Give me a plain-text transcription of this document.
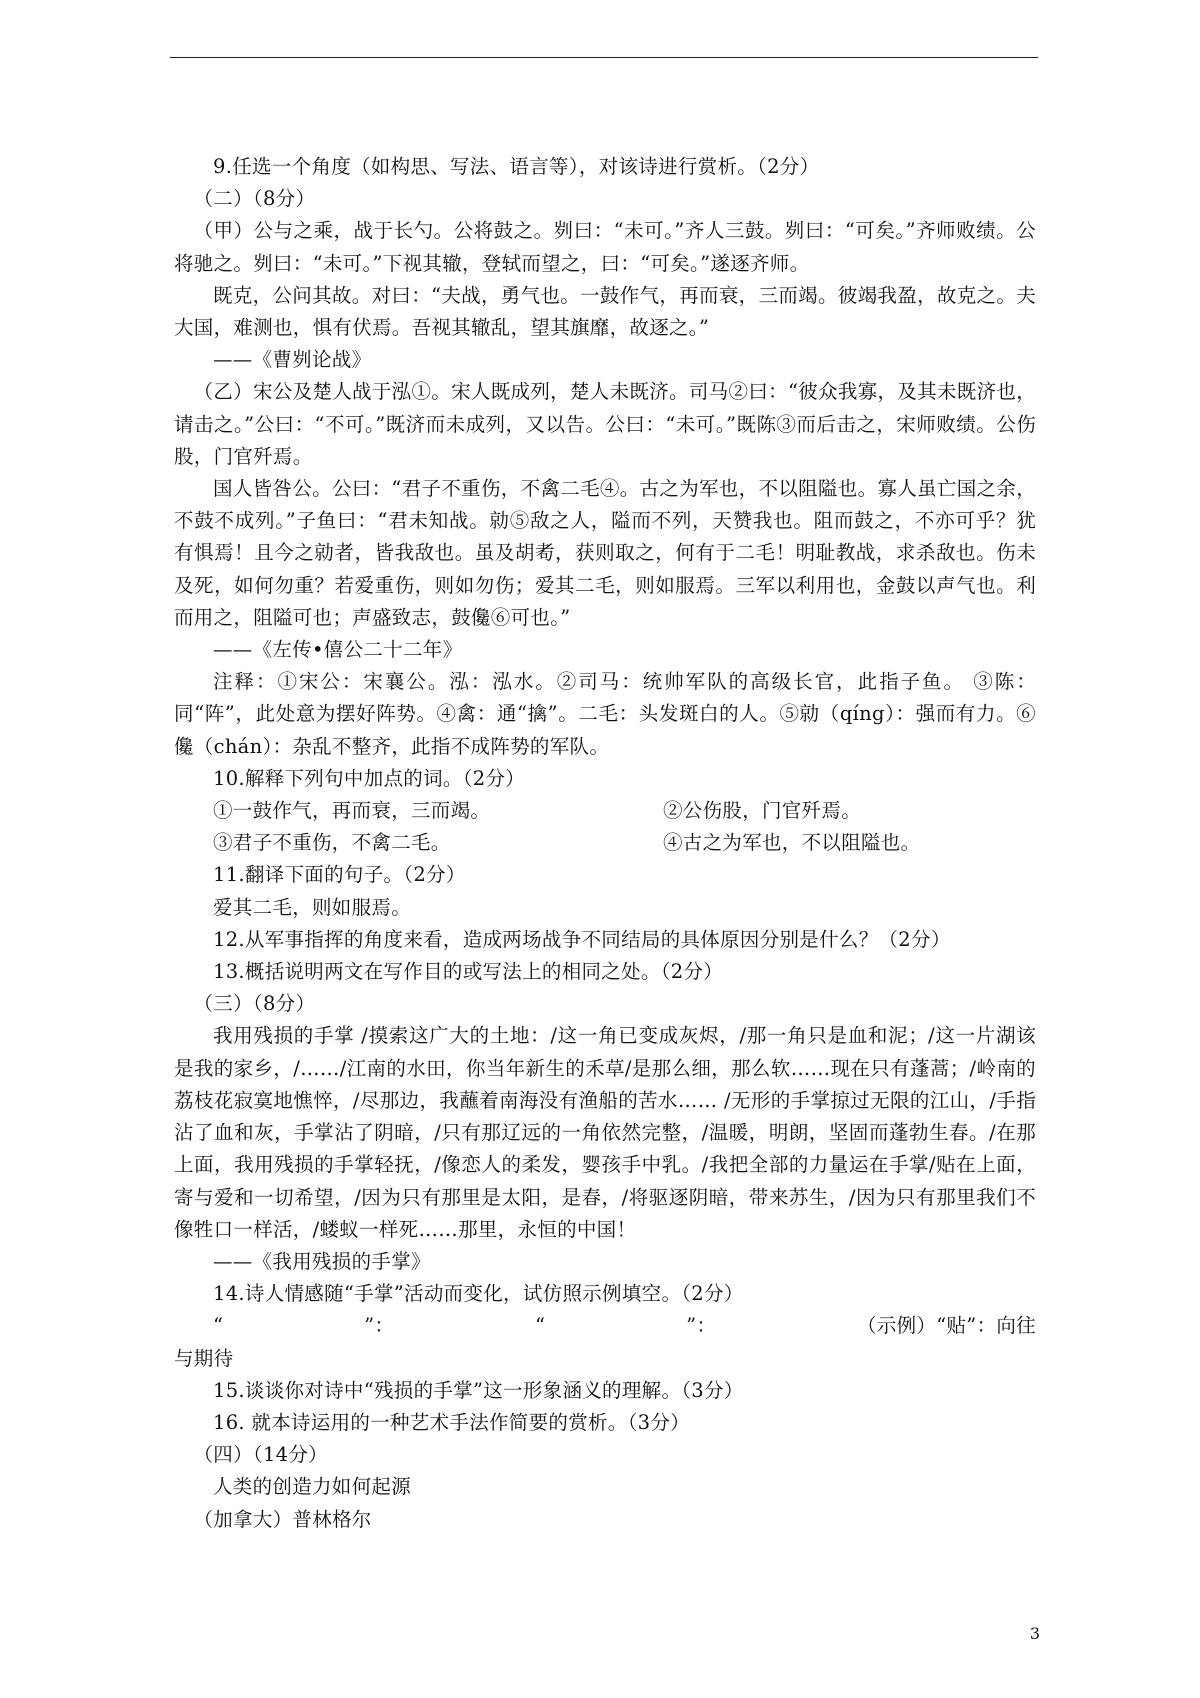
9.任选一个角度（如构思、写法、语言等），对该诗进行赏析。（2分）

（二）（8分）

（甲）公与之乘，战于长勺。公将鼓之。刿曰：“未可。”齐人三鼓。刿曰：“可矣。”齐师败绩。公将驰之。刿曰：“未可。”下视其辙，登轼而望之，曰：“可矣。”遂逐齐师。

既克，公问其故。对曰：“夫战，勇气也。一鼓作气，再而衰，三而竭。彼竭我盈，故克之。夫大国，难测也，惧有伏焉。吾视其辙乱，望其旗靡，故逐之。”

——《曹刿论战》

（乙）宋公及楚人战于泓①。宋人既成列，楚人未既济。司马②曰：“彼众我寡，及其未既济也，请击之。”公曰：“不可。”既济而未成列，又以告。公曰：“未可。”既陈③而后击之，宋师败绩。公伤股，门官歼焉。

国人皆咎公。公曰：“君子不重伤，不禽二毛④。古之为军也，不以阻隘也。寡人虽亡国之余，不鼓不成列。”子鱼曰：“君未知战。勍⑤敌之人，隘而不列，天赞我也。阻而鼓之，不亦可乎？犹有惧焉！且今之勍者，皆我敌也。虽及胡耇，获则取之，何有于二毛！明耻教战，求杀敌也。伤未及死，如何勿重？若爱重伤，则如勿伤；爱其二毛，则如服焉。三军以利用也，金鼓以声气也。利而用之，阻隘可也；声盛致志，鼓儳⑥可也。”

——《左传•僖公二十二年》

注释：①宋公：宋襄公。泓：泓水。②司马：统帅军队的高级长官，此指子鱼。 ③陈：同“阵”，此处意为摆好阵势。④禽：通“擒”。二毛：头发斑白的人。⑤勍（qíng）：强而有力。⑥儳（chán）：杂乱不整齐，此指不成阵势的军队。

10.解释下列句中加点的词。（2分）

①一鼓作气，再而衰，三而竭。	②公伤股，门官歼焉。
③君子不重伤，不禽二毛。	④古之为军也，不以阻隘也。

11.翻译下面的句子。（2分）

爱其二毛，则如服焉。

12.从军事指挥的角度来看，造成两场战争不同结局的具体原因分别是什么？（2分）

13.概括说明两文在写作目的或写法上的相同之处。（2分）

（三）（8分）

我用残损的手掌 /摸索这广大的土地：/这一角已变成灰烬，/那一角只是血和泥；/这一片湖该是我的家乡，/……/江南的水田，你当年新生的禾草/是那么细，那么软……现在只有蓬蒿；/岭南的荔枝花寂寞地憔悴，/尽那边，我蘸着南海没有渔船的苦水…… /无形的手掌掠过无限的江山，/手指沾了血和灰，手掌沾了阴暗，/只有那辽远的一角依然完整，/温暖，明朗，坚固而蓬勃生春。/在那上面，我用残损的手掌轻抚，/像恋人的柔发，婴孩手中乳。/我把全部的力量运在手掌/贴在上面，寄与爱和一切希望，/因为只有那里是太阳，是春，/将驱逐阴暗，带来苏生，/因为只有那里我们不像牲口一样活，/蝼蚁一样死……那里，永恒的中国！

——《我用残损的手掌》

14.诗人情感随“手掌”活动而变化，试仿照示例填空。（2分）

“	”：	“	”：	（示例）“贴”：向往

与期待

15.谈谈你对诗中“残损的手掌”这一形象涵义的理解。（3分）

16. 就本诗运用的一种艺术手法作简要的赏析。（3分）

（四）（14分）

人类的创造力如何起源

（加拿大）普林格尔

3
